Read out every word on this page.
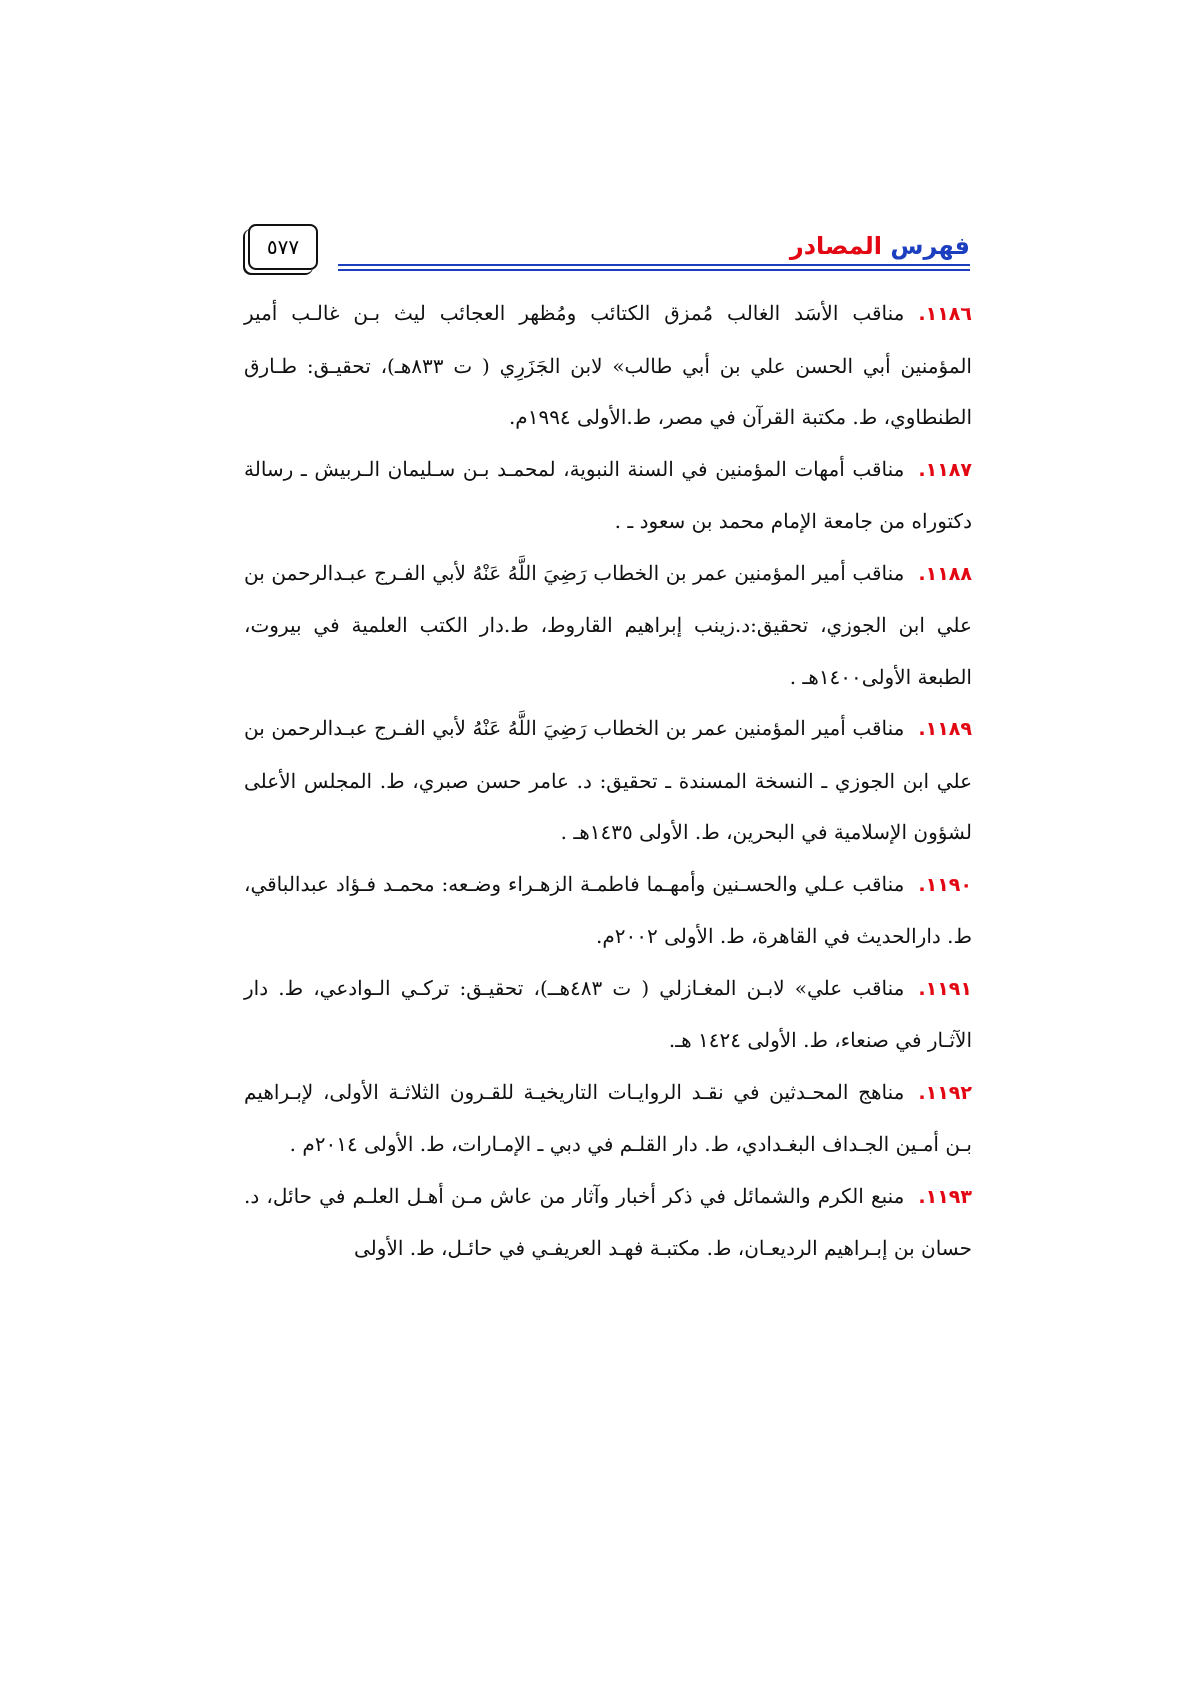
فهرس المصادر
٥٧٧

١١٨٦.مناقب الأسَد الغالب مُمزق الكتائب ومُظهر العجائب ليث بـن غالـب أمير المؤمنين أبي الحسن علي بن أبي طالب» لابن الجَزَرِي ( ت ٨٣٣هـ)، تحقيـق: طـارق الطنطاوي، ط. مكتبة القرآن في مصر، ط.الأولى ١٩٩٤م.

١١٨٧.مناقب أمهات المؤمنين في السنة النبوية، لمحمـد بـن سـليمان الـربيش ـ رسالة دكتوراه من جامعة الإمام محمد بن سعود ـ .

١١٨٨.مناقب أمير المؤمنين عمر بن الخطاب رَضِيَ اللَّهُ عَنْهُ لأبي الفـرج عبـدالرحمن بن علي ابن الجوزي، تحقيق:د.زينب إبراهيم القاروط، ط.دار الكتب العلمية في بيروت، الطبعة الأولى١٤٠٠هـ .

١١٨٩.مناقب أمير المؤمنين عمر بن الخطاب رَضِيَ اللَّهُ عَنْهُ لأبي الفـرج عبـدالرحمن بن علي ابن الجوزي ـ النسخة المسندة ـ تحقيق: د. عامر حسن صبري، ط. المجلس الأعلى لشؤون الإسلامية في البحرين، ط. الأولى ١٤٣٥هـ .

١١٩٠.مناقب عـلي والحسـنين وأمهـما فاطمـة الزهـراء وضـعه: محمـد فـؤاد عبدالباقي، ط. دارالحديث في القاهرة، ط. الأولى ٢٠٠٢م.

١١٩١.مناقب علي» لابـن المغـازلي ( ت ٤٨٣هــ)، تحقيـق: تركـي الـوادعي، ط. دار الآثـار في صنعاء، ط. الأولى ١٤٢٤ هـ.

١١٩٢.مناهج المحـدثين في نقـد الروايـات التاريخيـة للقـرون الثلاثـة الأولى، لإبـراهيم بـن أمـين الجـداف البغـدادي، ط. دار القلـم في دبي ـ الإمـارات، ط. الأولى ٢٠١٤م .

١١٩٣.منبع الكرم والشمائل في ذكر أخبار وآثار من عاش مـن أهـل العلـم في حائل، د. حسان بن إبـراهيم الرديعـان، ط. مكتبـة فهـد العريفـي في حائـل، ط. الأولى
